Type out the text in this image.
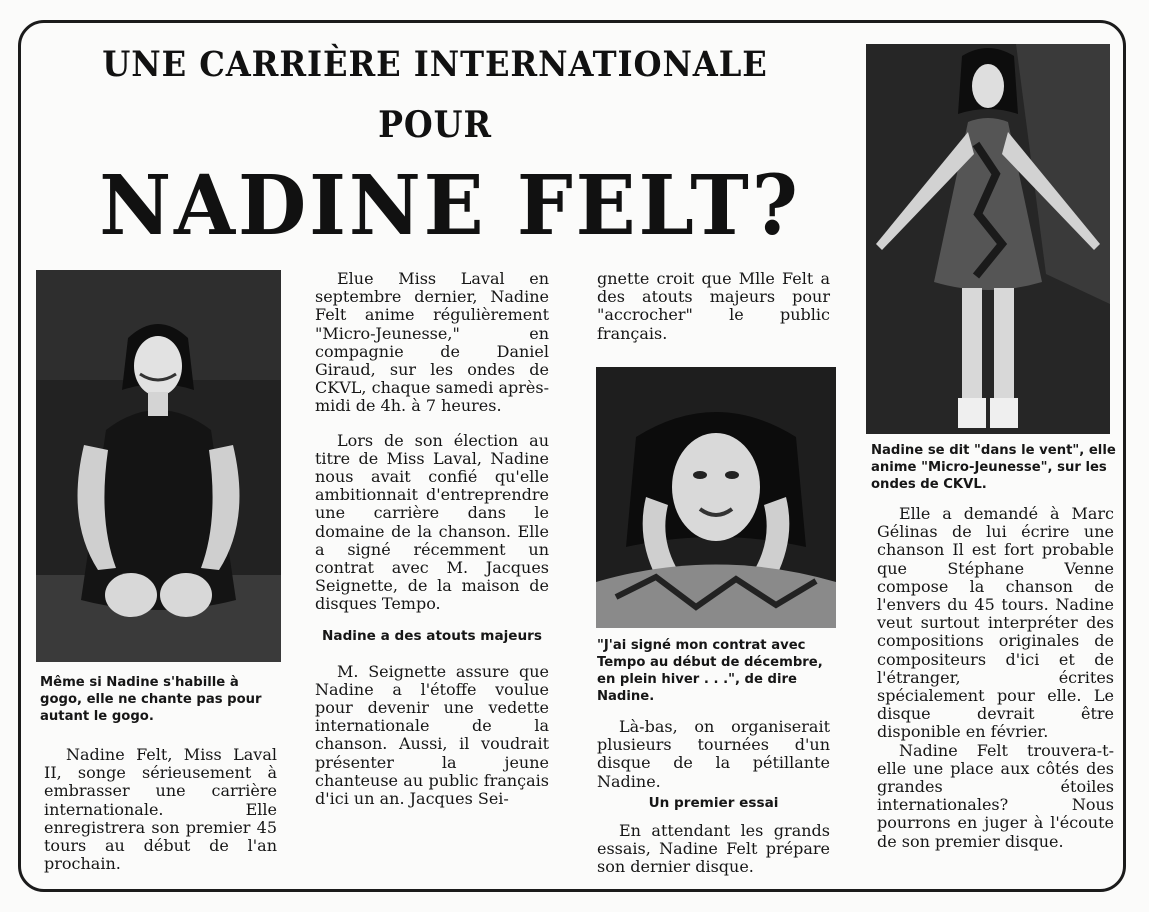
UNE CARRIÈRE INTERNATIONALE
POUR
NADINE FELT?
Même si Nadine s'habille à gogo, elle ne chante pas pour autant le gogo.
"J'ai signé mon contrat avec Tempo au début de décembre, en plein hiver . . .", de dire Nadine.
Nadine se dit "dans le vent", elle anime "Micro-Jeunesse", sur les ondes de CKVL.

Nadine Felt, Miss Laval II, songe sérieusement à embrasser une carrière internationale. Elle enregistrera son premier 45 tours au début de l'an prochain.

Elue Miss Laval en septembre dernier, Nadine Felt anime régulièrement "Micro-Jeunesse," en compagnie de Daniel Giraud, sur les ondes de CKVL, chaque samedi après-midi de 4h. à 7 heures.

Lors de son élection au titre de Miss Laval, Nadine nous avait confié qu'elle ambitionnait d'entreprendre une carrière dans le domaine de la chanson. Elle a signé récemment un contrat avec M. Jacques Seignette, de la maison de disques Tempo.

Nadine a des atouts majeurs

M. Seignette assure que Nadine a l'étoffe voulue pour devenir une vedette internationale de la chanson. Aussi, il voudrait présenter la jeune chanteuse au public français d'ici un an. Jacques Sei-

gnette croit que Mlle Felt a des atouts majeurs pour "accrocher" le public français.

Là-bas, on organiserait plusieurs tournées d'un disque de la pétillante Nadine.

Un premier essai

En attendant les grands essais, Nadine Felt prépare son dernier disque.

Elle a demandé à Marc Gélinas de lui écrire une chanson Il est fort probable que Stéphane Venne compose la chanson de l'envers du 45 tours. Nadine veut surtout interpréter des compositions originales de compositeurs d'ici et de l'étranger, écrites spécialement pour elle. Le disque devrait être disponible en février.

Nadine Felt trouvera-t-elle une place aux côtés des grandes étoiles internationales? Nous pourrons en juger à l'écoute de son premier disque.
